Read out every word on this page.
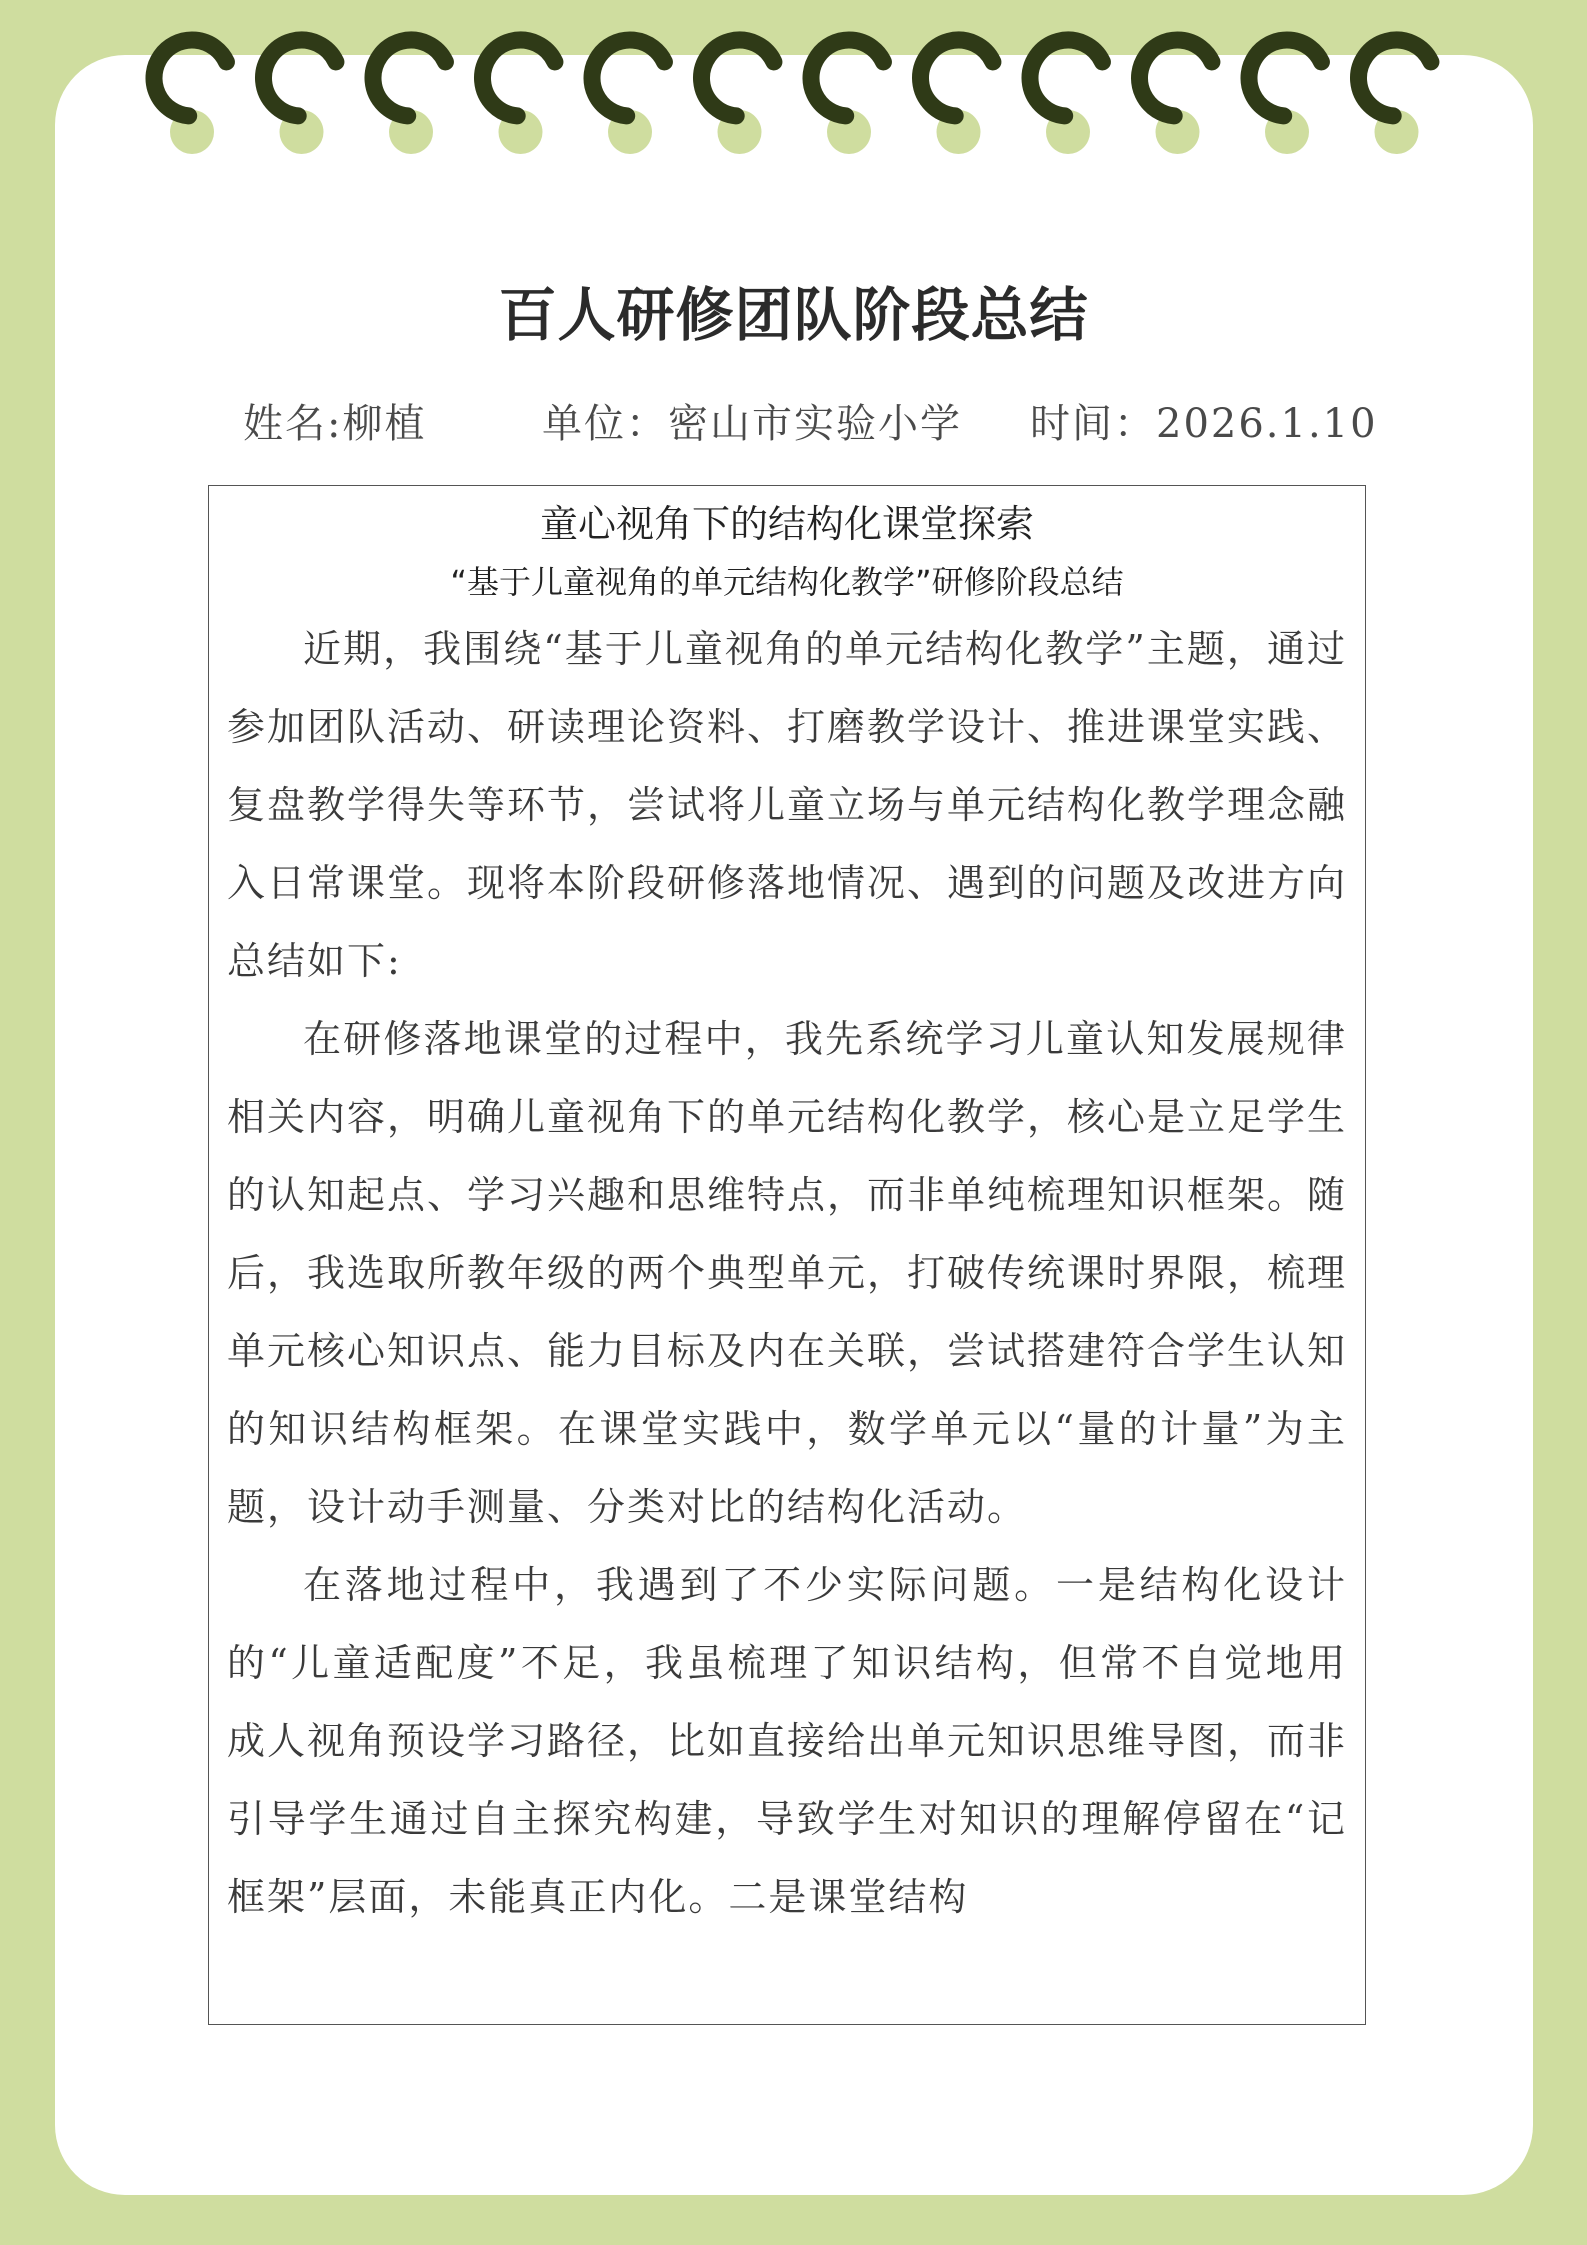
百人研修团队阶段总结
姓名:柳植	单位：密山市实验小学 时间：2026.1.10
童心视角下的结构化课堂探索
“基于儿童视角的单元结构化教学”研修阶段总结

近期，我围绕“基于儿童视角的单元结构化教学”主题，通过参加团队活动、研读理论资料、打磨教学设计、推进课堂实践、复盘教学得失等环节，尝试将儿童立场与单元结构化教学理念融入日常课堂。现将本阶段研修落地情况、遇到的问题及改进方向总结如下:

在研修落地课堂的过程中，我先系统学习儿童认知发展规律相关内容，明确儿童视角下的单元结构化教学，核心是立足学生的认知起点、学习兴趣和思维特点，而非单纯梳理知识框架。随后，我选取所教年级的两个典型单元，打破传统课时界限，梳理单元核心知识点、能力目标及内在关联，尝试搭建符合学生认知的知识结构框架。在课堂实践中，数学单元以“量的计量”为主题，设计动手测量、分类对比的结构化活动。

在落地过程中，我遇到了不少实际问题。一是结构化设计的“儿童适配度”不足，我虽梳理了知识结构，但常不自觉地用成人视角预设学习路径，比如直接给出单元知识思维导图，而非引导学生通过自主探究构建，导致学生对知识的理解停留在“记框架”层面，未能真正内化。二是课堂结构
